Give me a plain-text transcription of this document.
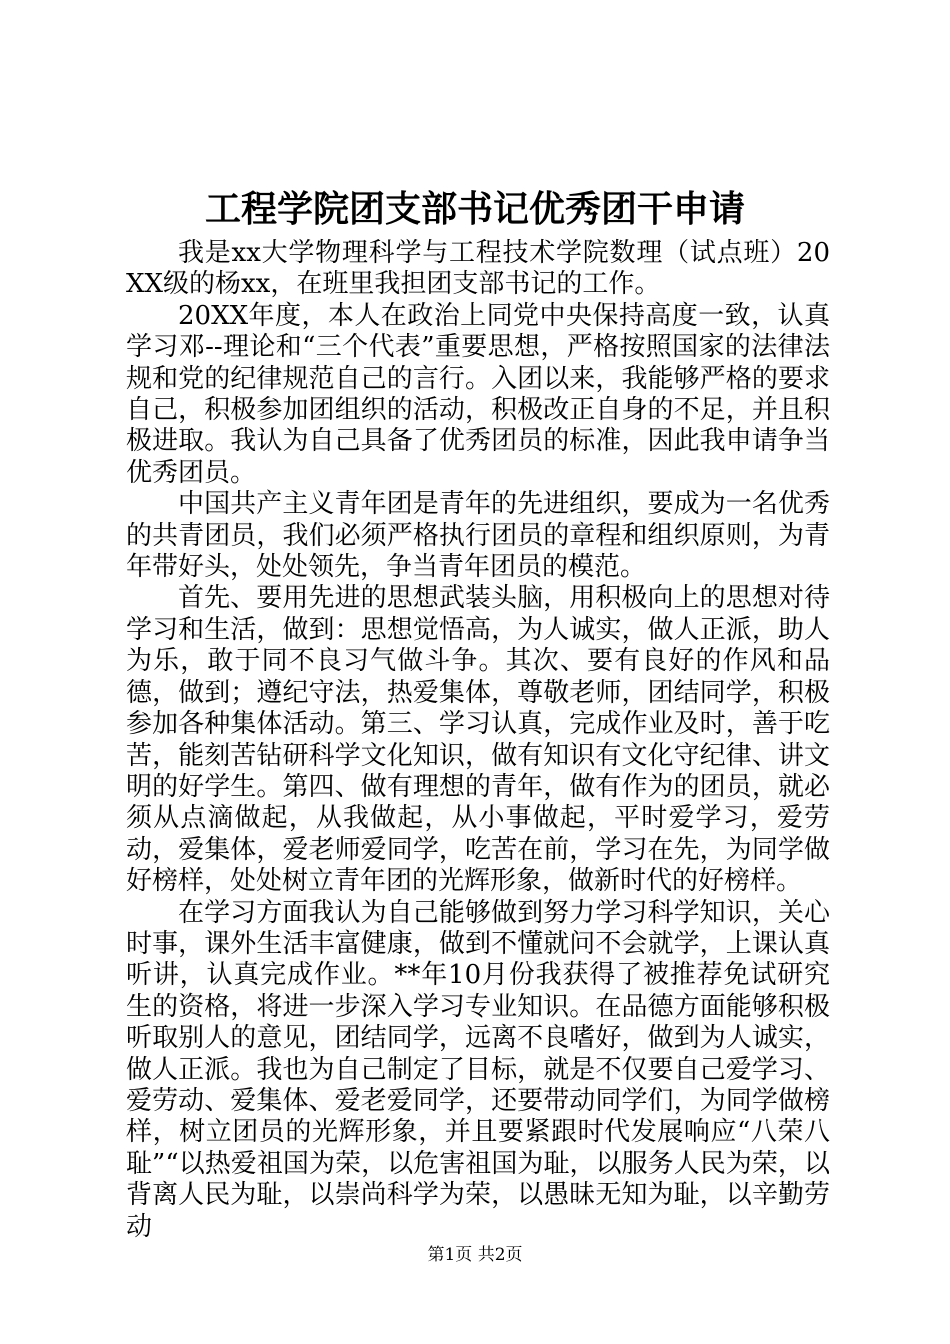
工程学院团支部书记优秀团干申请

我是xx大学物理科学与工程技术学院数理（试点班）20XX级的杨xx，在班里我担团支部书记的工作。

20XX年度，本人在政治上同党中央保持高度一致，认真学习邓--理论和“三个代表”重要思想，严格按照国家的法律法规和党的纪律规范自己的言行。入团以来，我能够严格的要求自己，积极参加团组织的活动，积极改正自身的不足，并且积极进取。我认为自己具备了优秀团员的标准，因此我申请争当优秀团员。

中国共产主义青年团是青年的先进组织，要成为一名优秀的共青团员，我们必须严格执行团员的章程和组织原则，为青年带好头，处处领先，争当青年团员的模范。

首先、要用先进的思想武装头脑，用积极向上的思想对待学习和生活，做到：思想觉悟高，为人诚实，做人正派，助人为乐，敢于同不良习气做斗争。其次、要有良好的作风和品德，做到；遵纪守法，热爱集体，尊敬老师，团结同学，积极参加各种集体活动。第三、学习认真，完成作业及时，善于吃苦，能刻苦钻研科学文化知识，做有知识有文化守纪律、讲文明的好学生。第四、做有理想的青年，做有作为的团员，就必须从点滴做起，从我做起，从小事做起，平时爱学习，爱劳动，爱集体，爱老师爱同学，吃苦在前，学习在先，为同学做好榜样，处处树立青年团的光辉形象，做新时代的好榜样。

在学习方面我认为自己能够做到努力学习科学知识，关心时事，课外生活丰富健康，做到不懂就问不会就学，上课认真听讲，认真完成作业。**年10月份我获得了被推荐免试研究生的资格，将进一步深入学习专业知识。在品德方面能够积极听取别人的意见，团结同学，远离不良嗜好，做到为人诚实，做人正派。我也为自己制定了目标，就是不仅要自己爱学习、爱劳动、爱集体、爱老爱同学，还要带动同学们，为同学做榜样，树立团员的光辉形象，并且要紧跟时代发展响应“八荣八耻”“以热爱祖国为荣，以危害祖国为耻，以服务人民为荣，以背离人民为耻，以崇尚科学为荣，以愚昧无知为耻，以辛勤劳动

第1页 共2页
